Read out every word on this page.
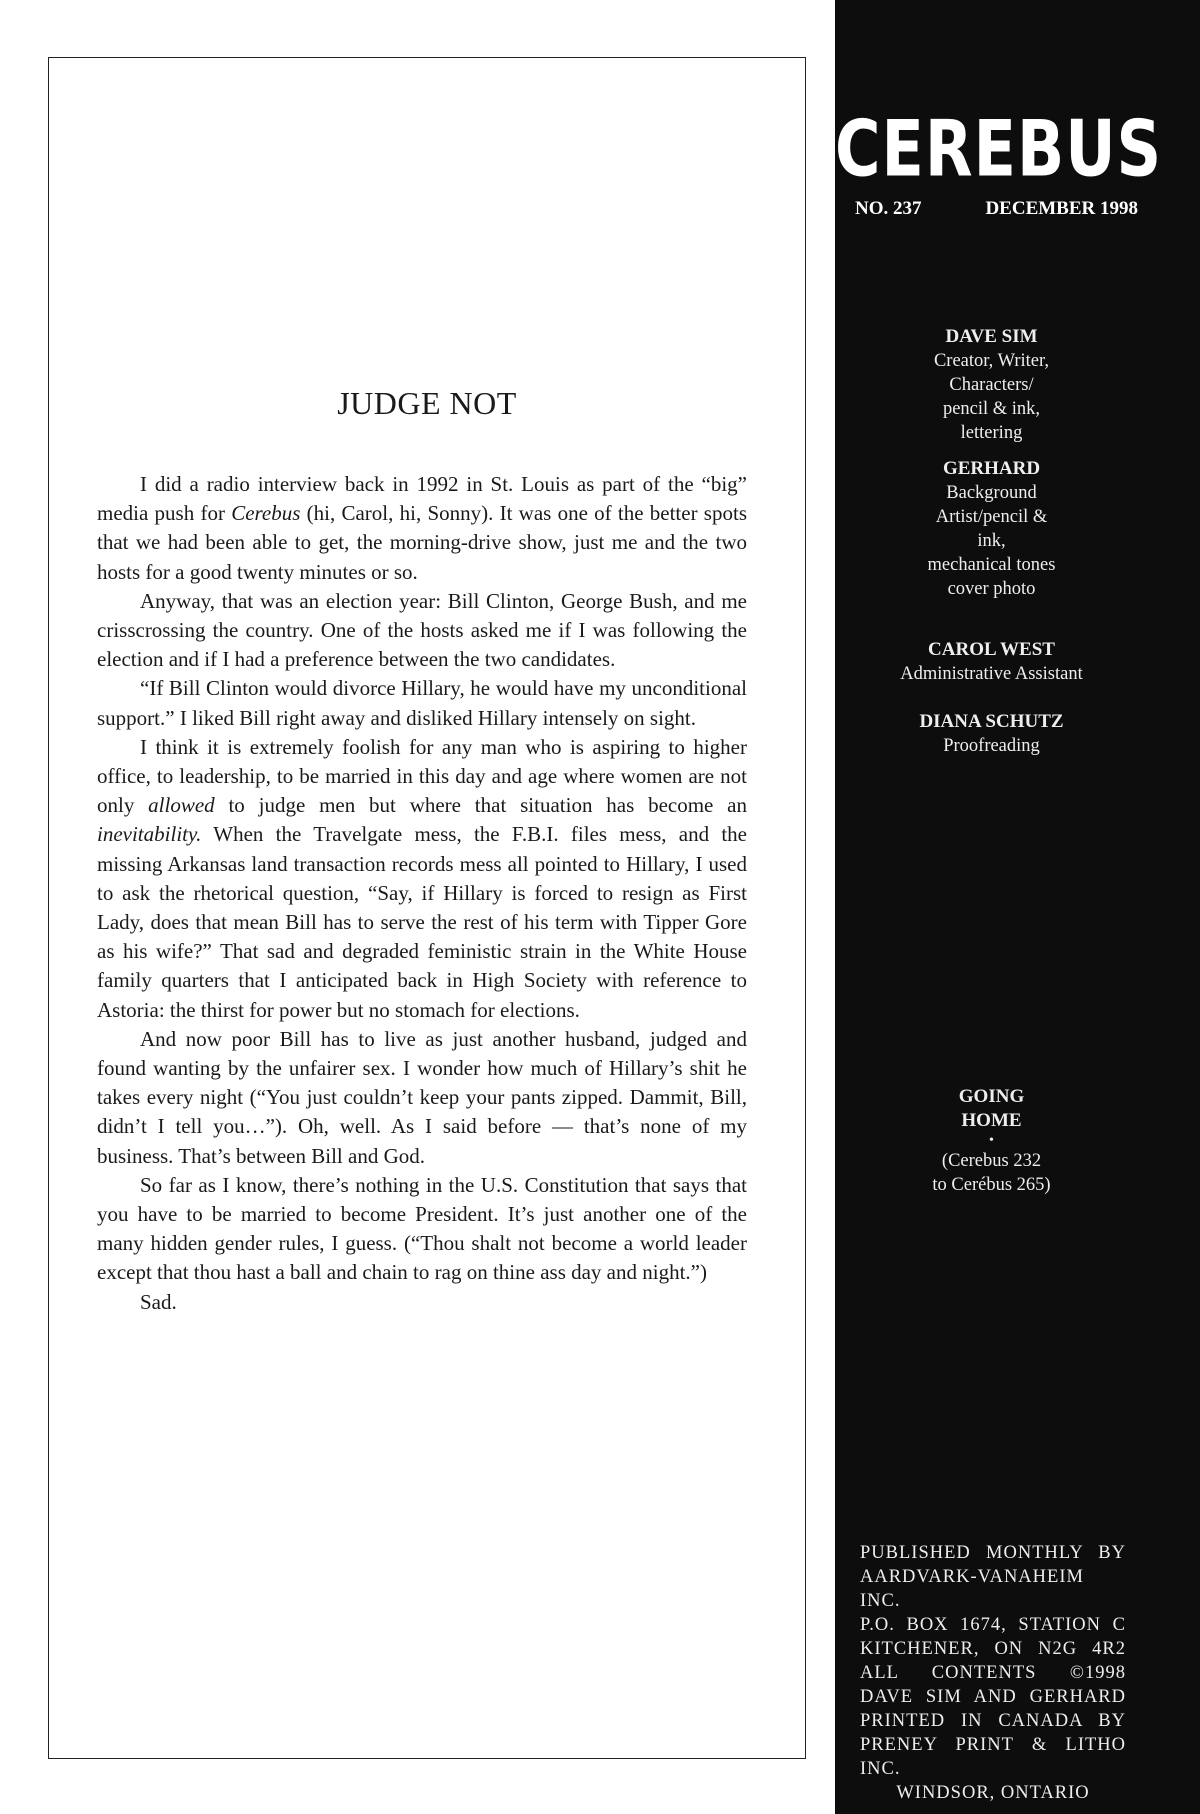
JUDGE NOT

I did a radio interview back in 1992 in St. Louis as part of the “big” media push for Cerebus (hi, Carol, hi, Sonny). It was one of the better spots that we had been able to get, the morning-drive show, just me and the two hosts for a good twenty minutes or so.

Anyway, that was an election year: Bill Clinton, George Bush, and me crisscrossing the country. One of the hosts asked me if I was following the election and if I had a preference between the two candidates.

“If Bill Clinton would divorce Hillary, he would have my unconditional support.” I liked Bill right away and disliked Hillary intensely on sight.

I think it is extremely foolish for any man who is aspiring to higher office, to leadership, to be married in this day and age where women are not only allowed to judge men but where that situation has become an inevitability. When the Travelgate mess, the F.B.I. files mess, and the missing Arkansas land transaction records mess all pointed to Hillary, I used to ask the rhetorical question, “Say, if Hillary is forced to resign as First Lady, does that mean Bill has to serve the rest of his term with Tipper Gore as his wife?” That sad and degraded feministic strain in the White House family quarters that I anticipated back in High Society with reference to Astoria: the thirst for power but no stomach for elections.

And now poor Bill has to live as just another husband, judged and found wanting by the unfairer sex. I wonder how much of Hillary’s shit he takes every night (“You just couldn’t keep your pants zipped. Dammit, Bill, didn’t I tell you…”). Oh, well. As I said before — that’s none of my business. That’s between Bill and God.

So far as I know, there’s nothing in the U.S. Constitution that says that you have to be married to become President. It’s just another one of the many hidden gender rules, I guess. (“Thou shalt not become a world leader except that thou hast a ball and chain to rag on thine ass day and night.”)

Sad.

CEREBUS
NO. 237	DECEMBER 1998
DAVE SIM
Creator, Writer,
Characters/
pencil & ink,
lettering
GERHARD
Background
Artist/pencil &
ink,
mechanical tones
cover photo
CAROL WEST
Administrative Assistant
DIANA SCHUTZ
Proofreading
GOING
HOME
•
(Cerebus 232
to Cerébus 265)
PUBLISHED MONTHLY BY
AARDVARK-VANAHEIM INC.
P.O. BOX 1674, STATION C
KITCHENER, ON N2G 4R2
ALL CONTENTS ©1998
DAVE SIM AND GERHARD
PRINTED IN CANADA BY
PRENEY PRINT & LITHO INC.
WINDSOR, ONTARIO
